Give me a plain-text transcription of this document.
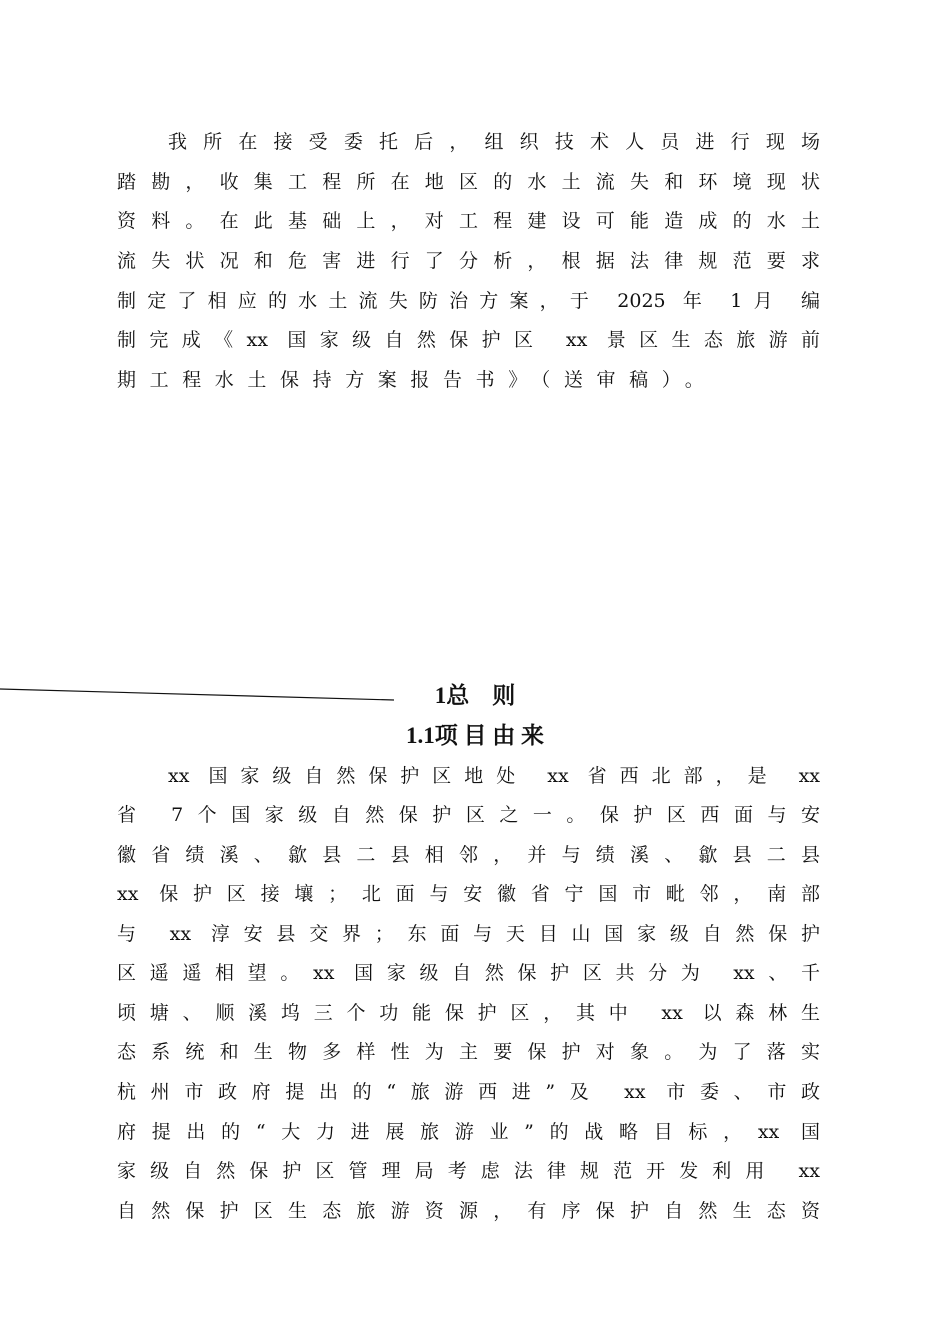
我所在接受委托后，组织技术人员进行现场
踏勘，收集工程所在地区的水土流失和环境现状
资料。在此基础上，对工程建设可能造成的水土
流失状况和危害进行了分析，根据法律规范要求
制定了相应的水土流失防治方案，于 2025 年 1月 编
制完成《xx 国家级自然保护区 xx 景区生态旅游前
期工程水土保持方案报告书》（送审稿）。
1总　则
1.1项 目 由 来
xx 国家级自然保护区地处 xx 省西北部，是 xx
省 7个国家级自然保护区之一。保护区西面与安
徽省绩溪、歙县二县相邻，并与绩溪、歙县二县
xx 保护区接壤；北面与安徽省宁国市毗邻，南部
与 xx 淳安县交界；东面与天目山国家级自然保护
区遥遥相望。xx 国家级自然保护区共分为 xx、千
顷塘、顺溪坞三个功能保护区，其中 xx 以森林生
态系统和生物多样性为主要保护对象。为了落实
杭州市政府提出的“旅游西进”及 xx 市委、市政
府提出的“大力进展旅游业”的战略目标，xx 国
家级自然保护区管理局考虑法律规范开发利用 xx
自然保护区生态旅游资源，有序保护自然生态资
